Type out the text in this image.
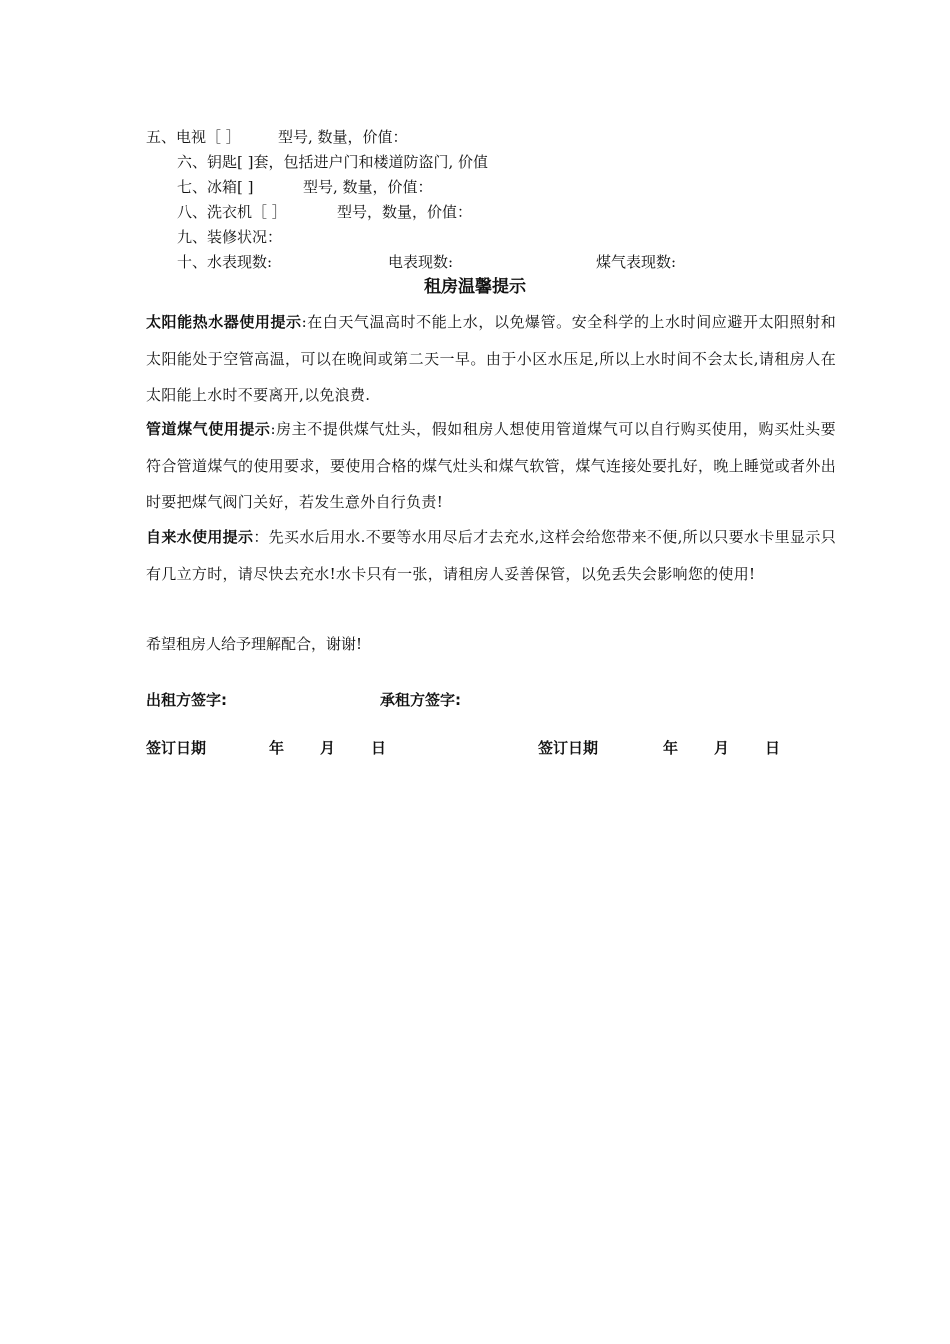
五、电视［ ］ 型号, 数量，价值：
六、钥匙[ ]套，包括进户门和楼道防盗门, 价值
七、冰箱[ ]	型号, 数量，价值：
八、洗衣机［ ］	型号，数量，价值：
九、装修状况：
十、水表现数:	电表现数:	煤气表现数:
租房温馨提示
太阳能热水器使用提示:在白天气温高时不能上水，以免爆管。安全科学的上水时间应避开太阳照射和太阳能处于空管高温，可以在晚间或第二天一早。由于小区水压足,所以上水时间不会太长,请租房人在太阳能上水时不要离开,以免浪费.
管道煤气使用提示:房主不提供煤气灶头，假如租房人想使用管道煤气可以自行购买使用，购买灶头要符合管道煤气的使用要求，要使用合格的煤气灶头和煤气软管，煤气连接处要扎好，晚上睡觉或者外出时要把煤气阀门关好，若发生意外自行负责!
自来水使用提示：先买水后用水.不要等水用尽后才去充水,这样会给您带来不便,所以只要水卡里显示只有几立方时，请尽快去充水!水卡只有一张，请租房人妥善保管，以免丢失会影响您的使用!
希望租房人给予理解配合，谢谢!
出租方签字:	承租方签字:
签订日期	年 月 日	签订日期	年 月 日
